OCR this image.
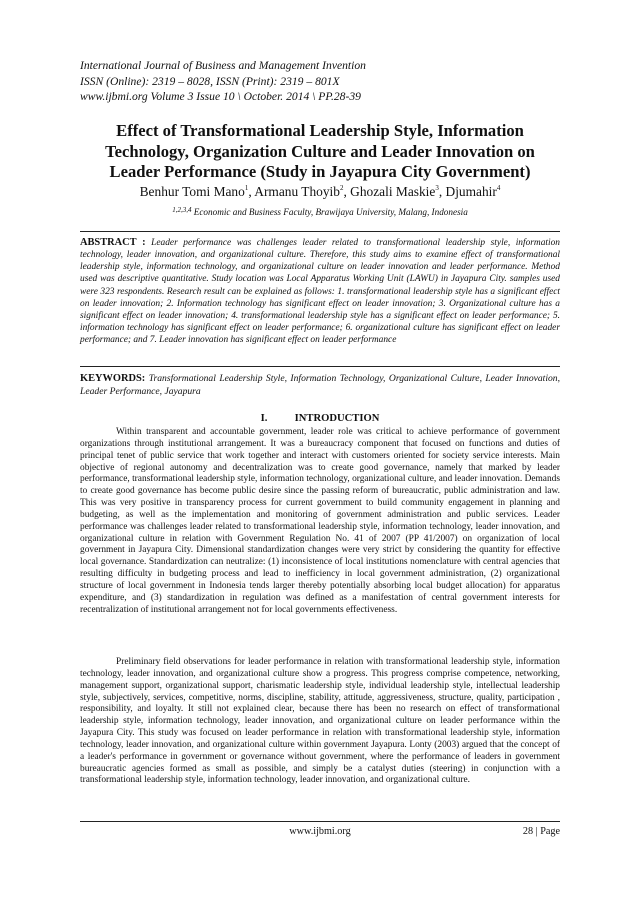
International Journal of Business and Management Invention
ISSN (Online): 2319 – 8028, ISSN (Print): 2319 – 801X
www.ijbmi.org Volume 3 Issue 10 \ October. 2014 \ PP.28-39
Effect of Transformational Leadership Style, Information Technology, Organization Culture and Leader Innovation on Leader Performance (Study in Jayapura City Government)
Benhur Tomi Mano$^1$, Armanu Thoyib$^2$, Ghozali Maskie$^3$, Djumahir$^4$
$^{1,2,3,4}$ Economic and Business Faculty, Brawijaya University, Malang, Indonesia
ABSTRACT : Leader performance was challenges leader related to transformational leadership style, information technology, leader innovation, and organizational culture. Therefore, this study aims to examine effect of transformational leadership style, information technology, and organizational culture on leader innovation and leader performance. Method used was descriptive quantitative. Study location was Local Apparatus Working Unit (LAWU) in Jayapura City. samples used were 323 respondents. Research result can be explained as follows: 1. transformational leadership style has a significant effect on leader innovation; 2. Information technology has significant effect on leader innovation; 3. Organizational culture has a significant effect on leader innovation; 4. transformational leadership style has a significant effect on leader performance; 5. information technology has significant effect on leader performance; 6. organizational culture has significant effect on leader performance; and 7. Leader innovation has significant effect on leader performance
KEYWORDS: Transformational Leadership Style, Information Technology, Organizational Culture, Leader Innovation, Leader Performance, Jayapura
I.	INTRODUCTION

Within transparent and accountable government, leader role was critical to achieve performance of government organizations through institutional arrangement. It was a bureaucracy component that focused on functions and duties of principal tenet of public service that work together and interact with customers oriented for society service interests. Main objective of regional autonomy and decentralization was to create good governance, namely that marked by leader performance, transformational leadership style, information technology, organizational culture, and leader innovation. Demands to create good governance has become public desire since the passing reform of bureaucratic, public administration and law. This was very positive in transparency process for current government to build community engagement in planning and budgeting, as well as the implementation and monitoring of government administration and public services. Leader performance was challenges leader related to transformational leadership style, information technology, leader innovation, and organizational culture in relation with Government Regulation No. 41 of 2007 (PP 41/2007) on organization of local government in Jayapura City. Dimensional standardization changes were very strict by considering the quantity for effective local governance. Standardization can neutralize: (1) inconsistence of local institutions nomenclature with central agencies that resulting difficulty in budgeting process and lead to inefficiency in local government administration, (2) organizational structure of local government in Indonesia tends larger thereby potentially absorbing local budget allocation) for apparatus expenditure, and (3) standardization in regulation was defined as a manifestation of central government interests for recentralization of institutional arrangement not for local governments effectiveness.

Preliminary field observations for leader performance in relation with transformational leadership style, information technology, leader innovation, and organizational culture show a progress. This progress comprise competence, networking, management support, organizational support, charismatic leadership style, individual leadership style, intellectual leadership style, subjectively, services, competitive, norms, discipline, stability, attitude, aggressiveness, structure, quality, participation , responsibility, and loyalty. It still not explained clear, because there has been no research on effect of transformational leadership style, information technology, leader innovation, and organizational culture on leader performance within the Jayapura City. This study was focused on leader performance in relation with transformational leadership style, information technology, leader innovation, and organizational culture within government Jayapura. Lonty (2003) argued that the concept of a leader's performance in government or governance without government, where the performance of leaders in government bureaucratic agencies formed as small as possible, and simply be a catalyst duties (steering) in conjunction with a transformational leadership style, information technology, leader innovation, and organizational culture.

www.ijbmi.org	28 | Page
